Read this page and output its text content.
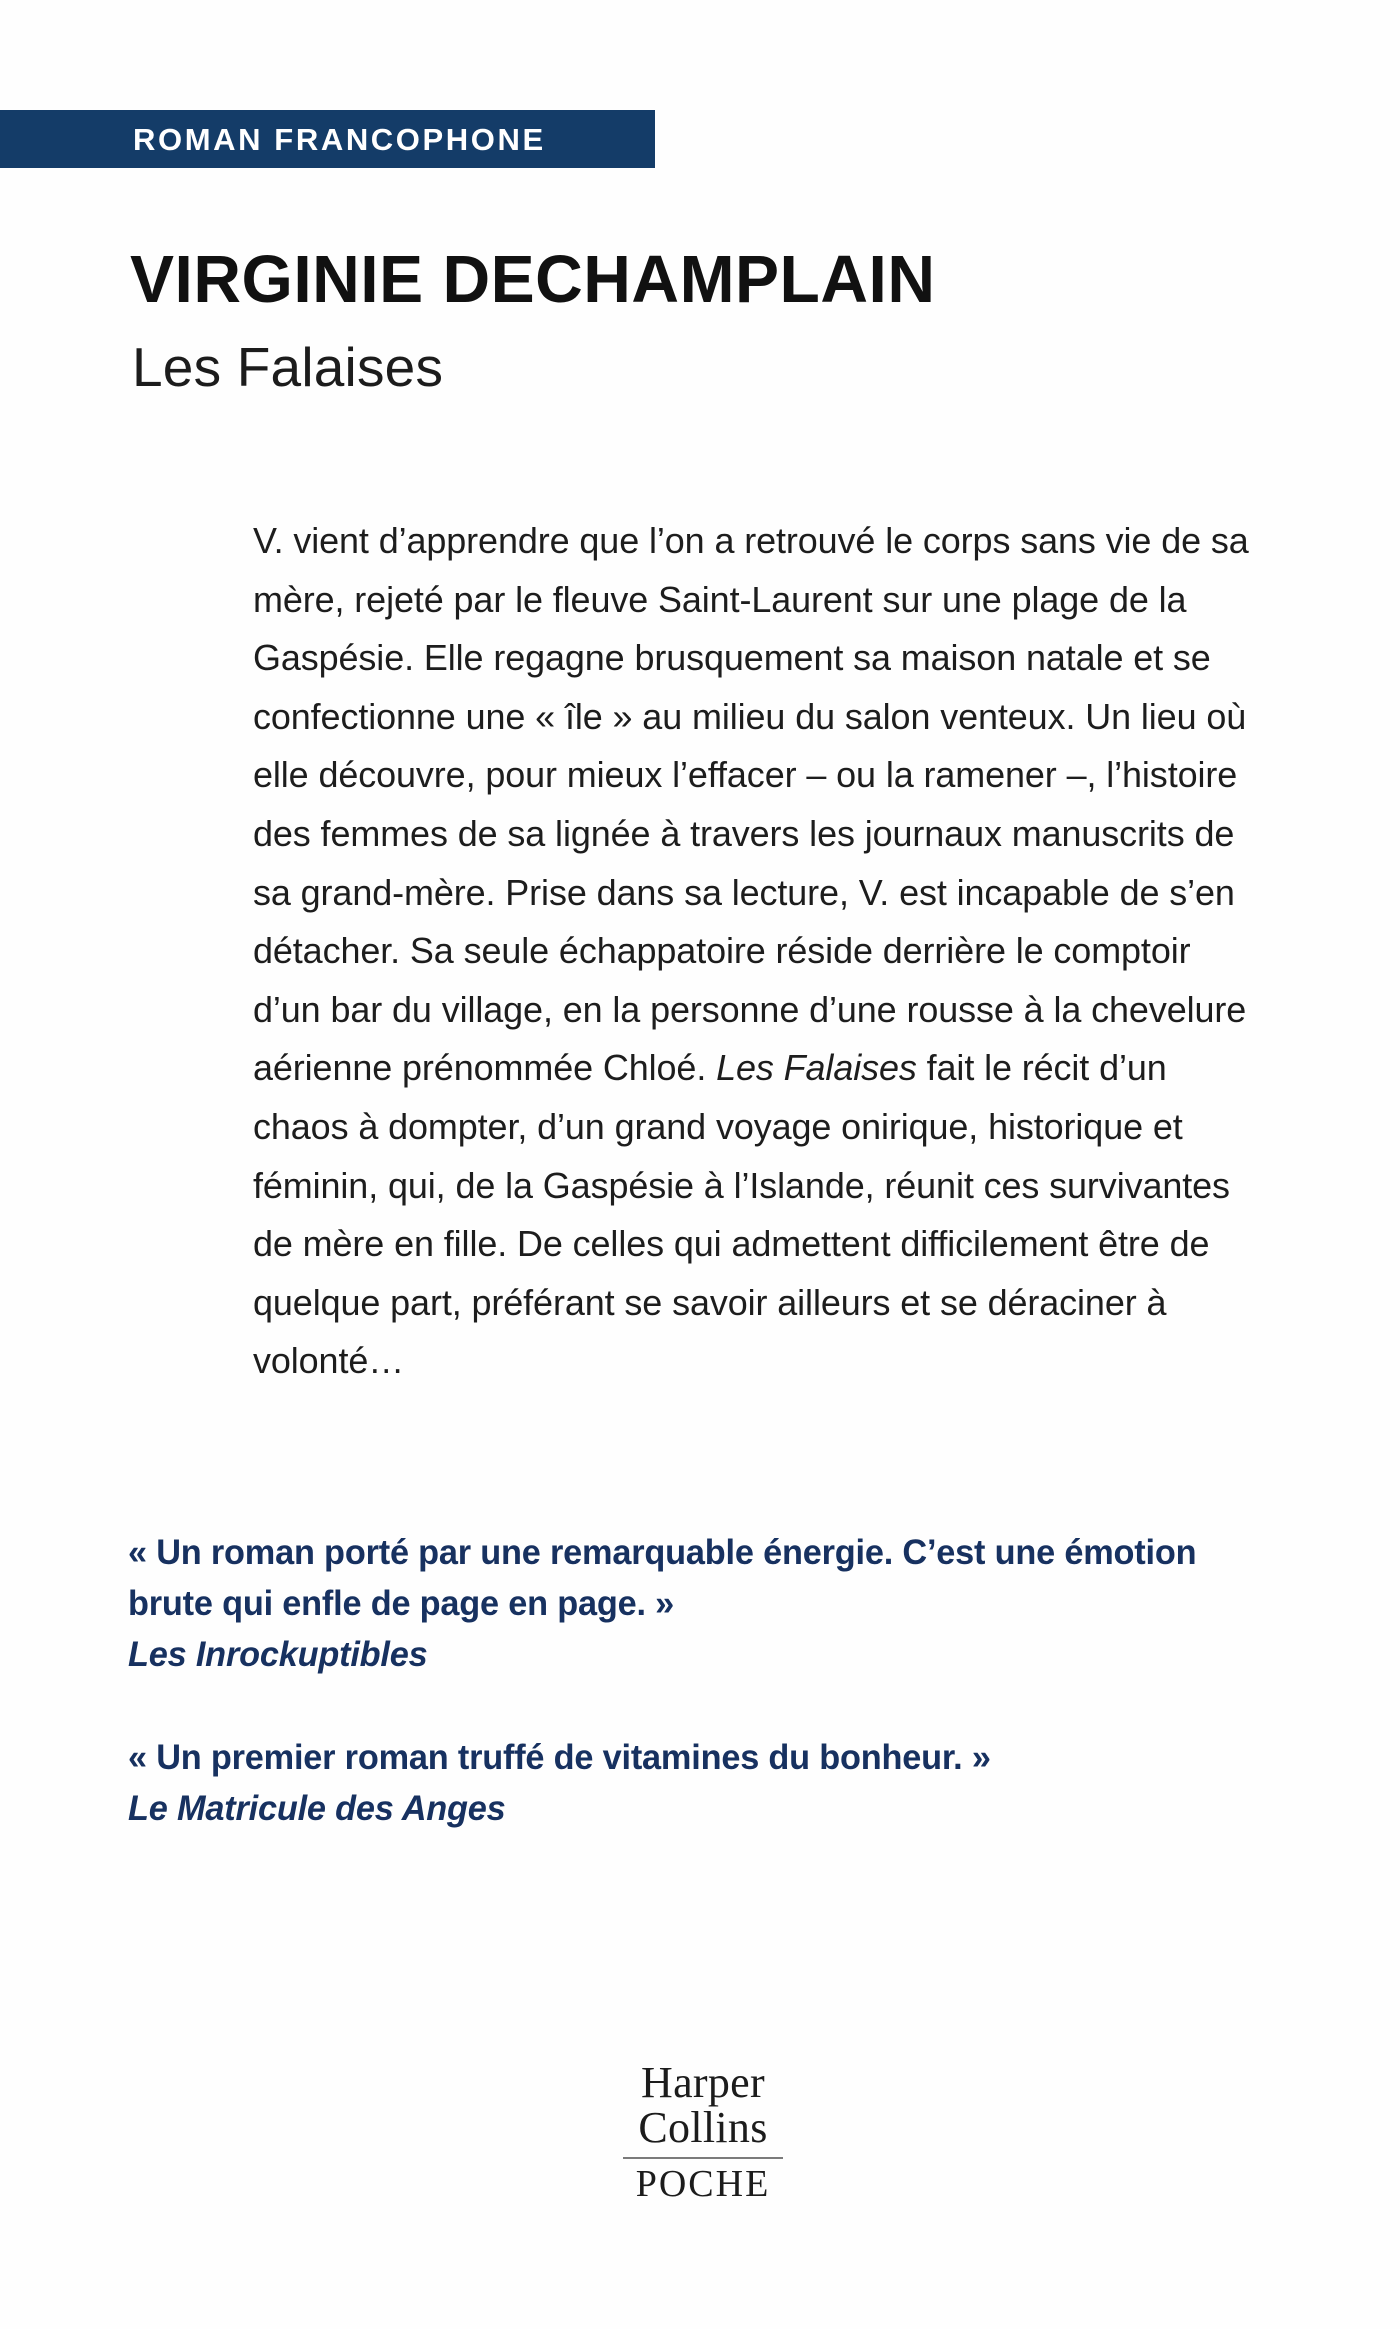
ROMAN FRANCOPHONE
VIRGINIE DECHAMPLAIN
Les Falaises
V. vient d’apprendre que l’on a retrouvé le corps sans vie de sa mère, rejeté par le fleuve Saint-Laurent sur une plage de la Gaspésie. Elle regagne brusquement sa maison natale et se confectionne une « île » au milieu du salon venteux. Un lieu où elle découvre, pour mieux l’effacer – ou la ramener –, l’histoire des femmes de sa lignée à travers les journaux manuscrits de sa grand-mère. Prise dans sa lecture, V. est incapable de s’en détacher. Sa seule échappatoire réside derrière le comptoir d’un bar du village, en la personne d’une rousse à la chevelure aérienne prénommée Chloé. Les Falaises fait le récit d’un chaos à dompter, d’un grand voyage onirique, historique et féminin, qui, de la Gaspésie à l’Islande, réunit ces survivantes de mère en fille. De celles qui admettent difficilement être de quelque part, préférant se savoir ailleurs et se déraciner à volonté…
« Un roman porté par une remarquable énergie. C’est une émotion brute qui enfle de page en page. »
Les Inrockuptibles
« Un premier roman truffé de vitamines du bonheur. »
Le Matricule des Anges
Harper
Collins
POCHE
